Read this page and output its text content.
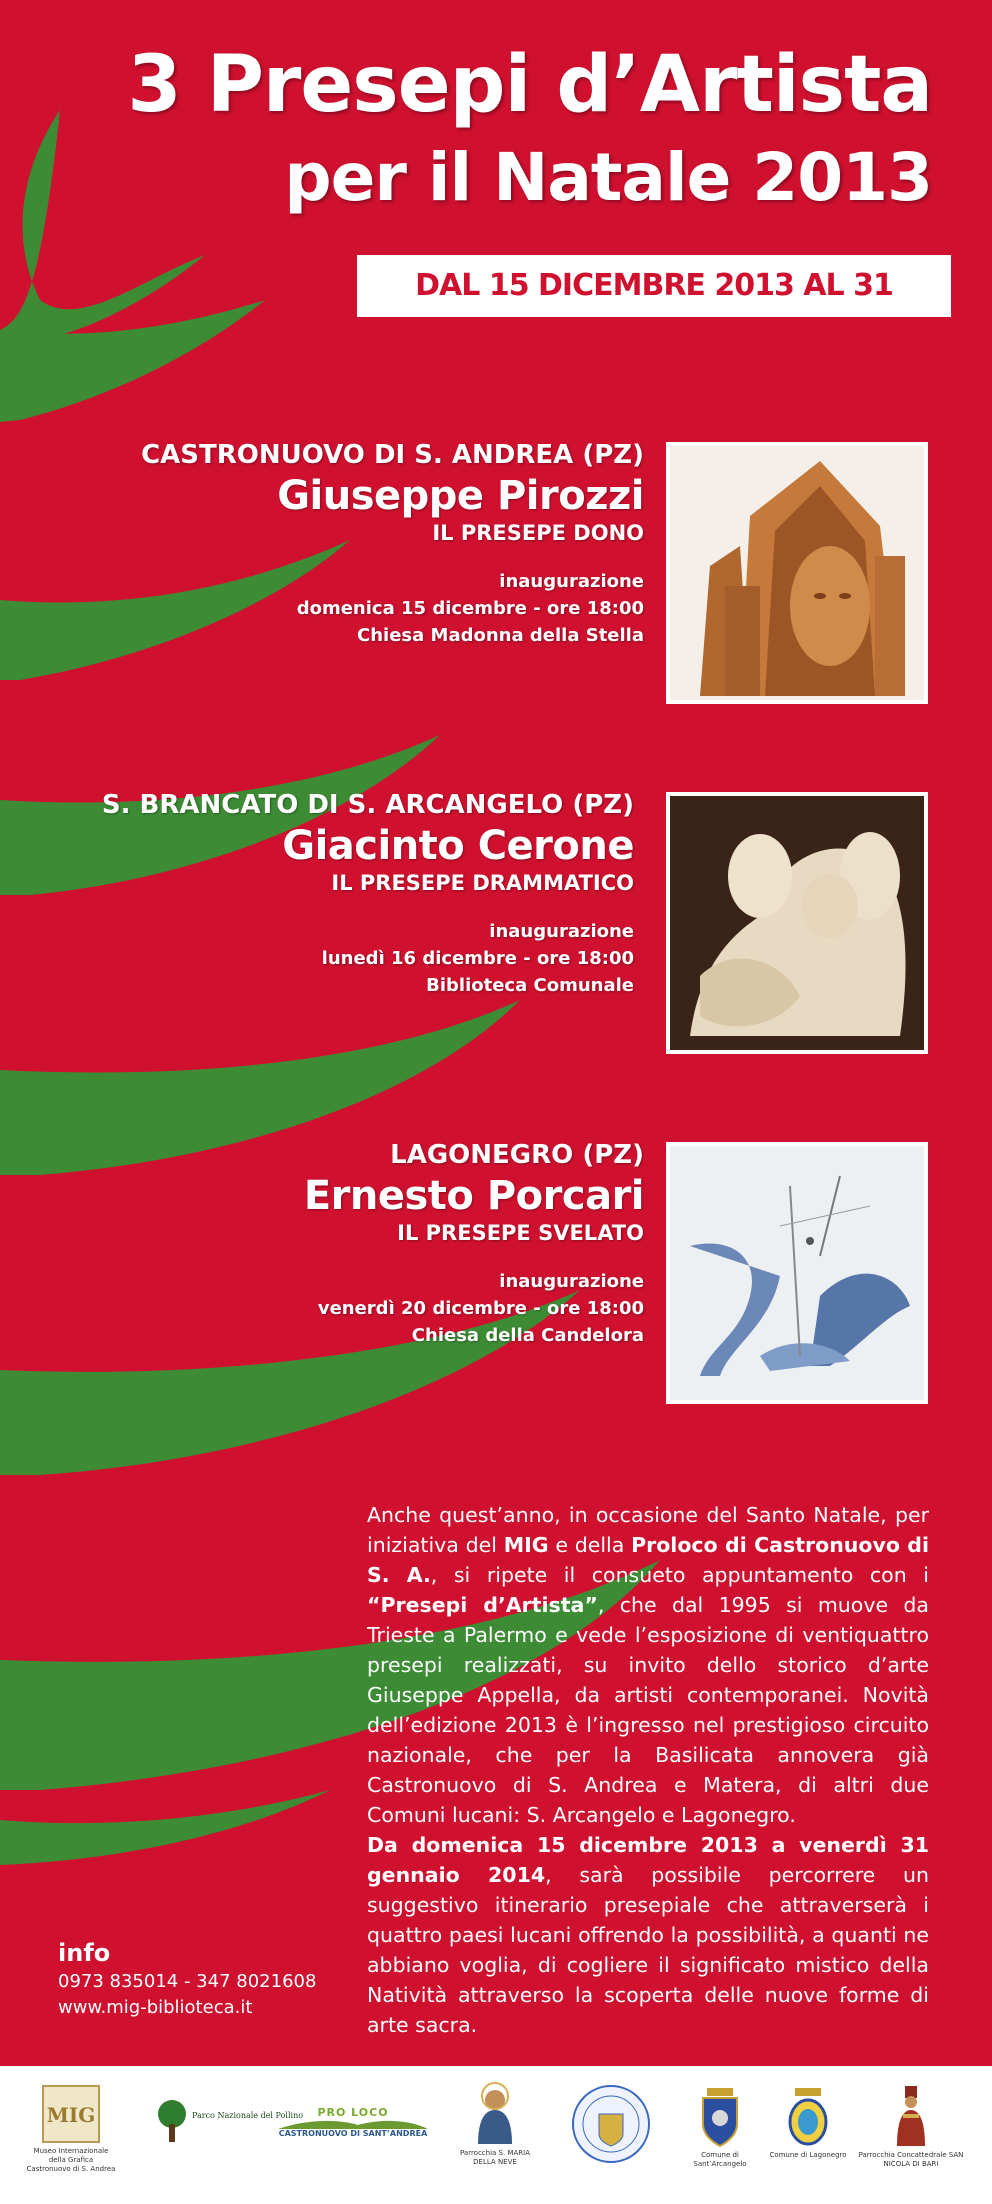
3 Presepi d’Artista
per il Natale 2013
DAL 15 DICEMBRE 2013 AL 31 GENNAIO 2014
CASTRONUOVO DI S. ANDREA (PZ)
Giuseppe Pirozzi
IL PRESEPE DONO
inaugurazione
domenica 15 dicembre - ore 18:00
Chiesa Madonna della Stella
S. BRANCATO DI S. ARCANGELO (PZ)
Giacinto Cerone
IL PRESEPE DRAMMATICO
inaugurazione
lunedì 16 dicembre - ore 18:00
Biblioteca Comunale
LAGONEGRO (PZ)
Ernesto Porcari
IL PRESEPE SVELATO
inaugurazione
venerdì 20 dicembre - ore 18:00
Chiesa della Candelora
Anche quest’anno, in occasione del Santo Natale, per iniziativa del MIG e della Proloco di Castronuovo di S. A., si ripete il consueto appuntamento con i “Presepi d’Artista”, che dal 1995 si muove da Trieste a Palermo e vede l’esposizione di ventiquattro presepi realizzati, su invito dello storico d’arte Giuseppe Appella, da artisti contemporanei. Novità dell’edizione 2013 è l’ingresso nel prestigioso circuito nazionale, che per la Basilicata annovera già Castronuovo di S. Andrea e Matera, di altri due Comuni lucani: S. Arcangelo e Lagonegro.
Da domenica 15 dicembre 2013 a venerdì 31 gennaio 2014, sarà possibile percorrere un suggestivo itinerario presepiale che attraverserà i quattro paesi lucani offrendo la possibilità, a quanti ne abbiano voglia, di cogliere il significato mistico della Natività attraverso la scoperta delle nuove forme di arte sacra.
info
0973 835014 - 347 8021608
www.mig-biblioteca.it
MIG
Museo Internazionale della Grafica Castronuovo di S. Andrea
Parco Nazionale del Pollino	PRO LOCO
CASTRONUOVO DI SANT’ANDREA
Parrocchia S. MARIA DELLA NEVE
Comune di Sant’Arcangelo
Comune di Lagonegro	Parrocchia Concattedrale SAN NICOLA DI BARI
